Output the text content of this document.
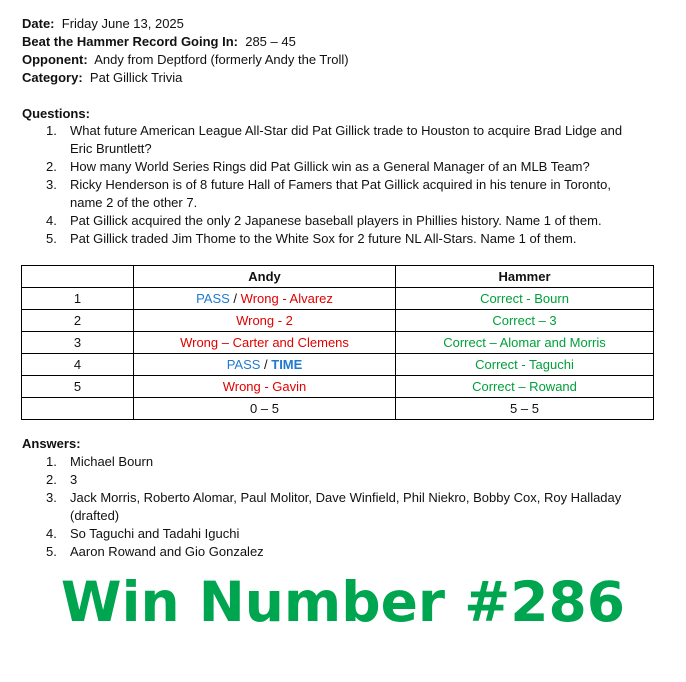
Date: Friday June 13, 2025
Beat the Hammer Record Going In: 285 – 45
Opponent: Andy from Deptford (formerly Andy the Troll)
Category: Pat Gillick Trivia
Questions:
1. What future American League All-Star did Pat Gillick trade to Houston to acquire Brad Lidge and
Eric Bruntlett?
2. How many World Series Rings did Pat Gillick win as a General Manager of an MLB Team?
3. Ricky Henderson is of 8 future Hall of Famers that Pat Gillick acquired in his tenure in Toronto,
name 2 of the other 7.
4. Pat Gillick acquired the only 2 Japanese baseball players in Phillies history. Name 1 of them.
5. Pat Gillick traded Jim Thome to the White Sox for 2 future NL All-Stars. Name 1 of them.
	Andy	Hammer
1	PASS / Wrong - Alvarez	Correct - Bourn
2	Wrong - 2	Correct – 3
3	Wrong – Carter and Clemens	Correct – Alomar and Morris
4	PASS / TIME	Correct - Taguchi
5	Wrong - Gavin	Correct – Rowand
	0 – 5	5 – 5
Answers:
1. Michael Bourn
2. 3
3. Jack Morris, Roberto Alomar, Paul Molitor, Dave Winfield, Phil Niekro, Bobby Cox, Roy Halladay
(drafted)
4. So Taguchi and Tadahi Iguchi
5. Aaron Rowand and Gio Gonzalez
Win Number #286
